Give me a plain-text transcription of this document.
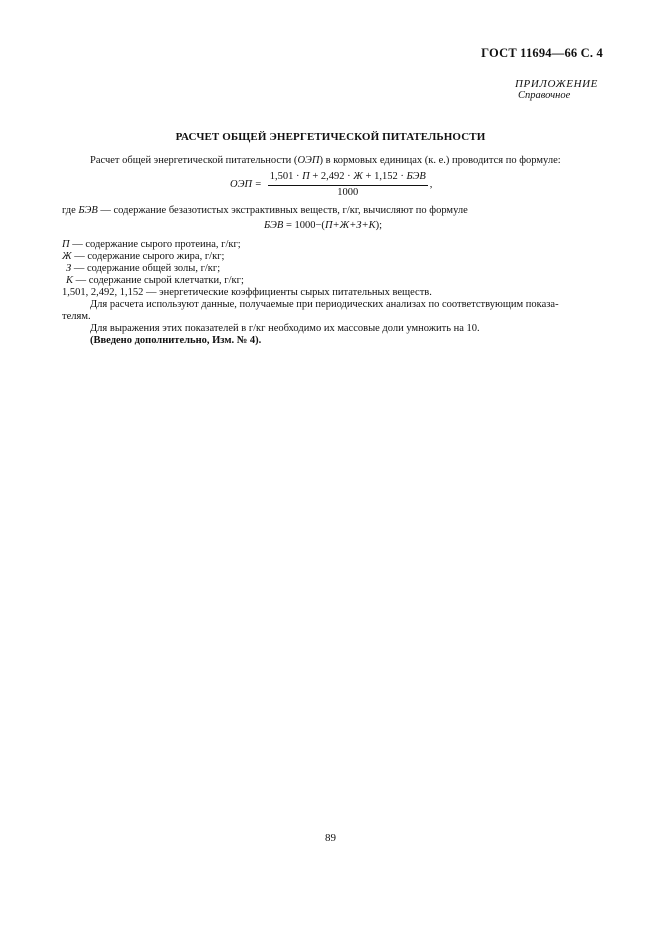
ГОСТ 11694—66 С. 4
ПРИЛОЖЕНИЕ
Справочное
РАСЧЕТ ОБЩЕЙ ЭНЕРГЕТИЧЕСКОЙ ПИТАТЕЛЬНОСТИ
Расчет общей энергетической питательности (ОЭП) в кормовых единицах (к. е.) проводится по формуле:
ОЭП = $\frac{\text{1,501 · П + 2,492 · Ж + 1,152 · БЭВ}}{1000}$ ,
где БЭВ — содержание безазотистых экстрактивных веществ, г/кг, вычисляют по формуле
БЭВ = 1000−(П+Ж+З+К);
П — содержание сырого протеина, г/кг;
Ж — содержание сырого жира, г/кг;
З — содержание общей золы, г/кг;
К — содержание сырой клетчатки, г/кг;
1,501, 2,492, 1,152 — энергетические коэффициенты сырых питательных веществ.
Для расчета используют данные, получаемые при периодических анализах по соответствующим показа-
телям.
Для выражения этих показателей в г/кг необходимо их массовые доли умножить на 10.
(Введено дополнительно, Изм. № 4).
89
